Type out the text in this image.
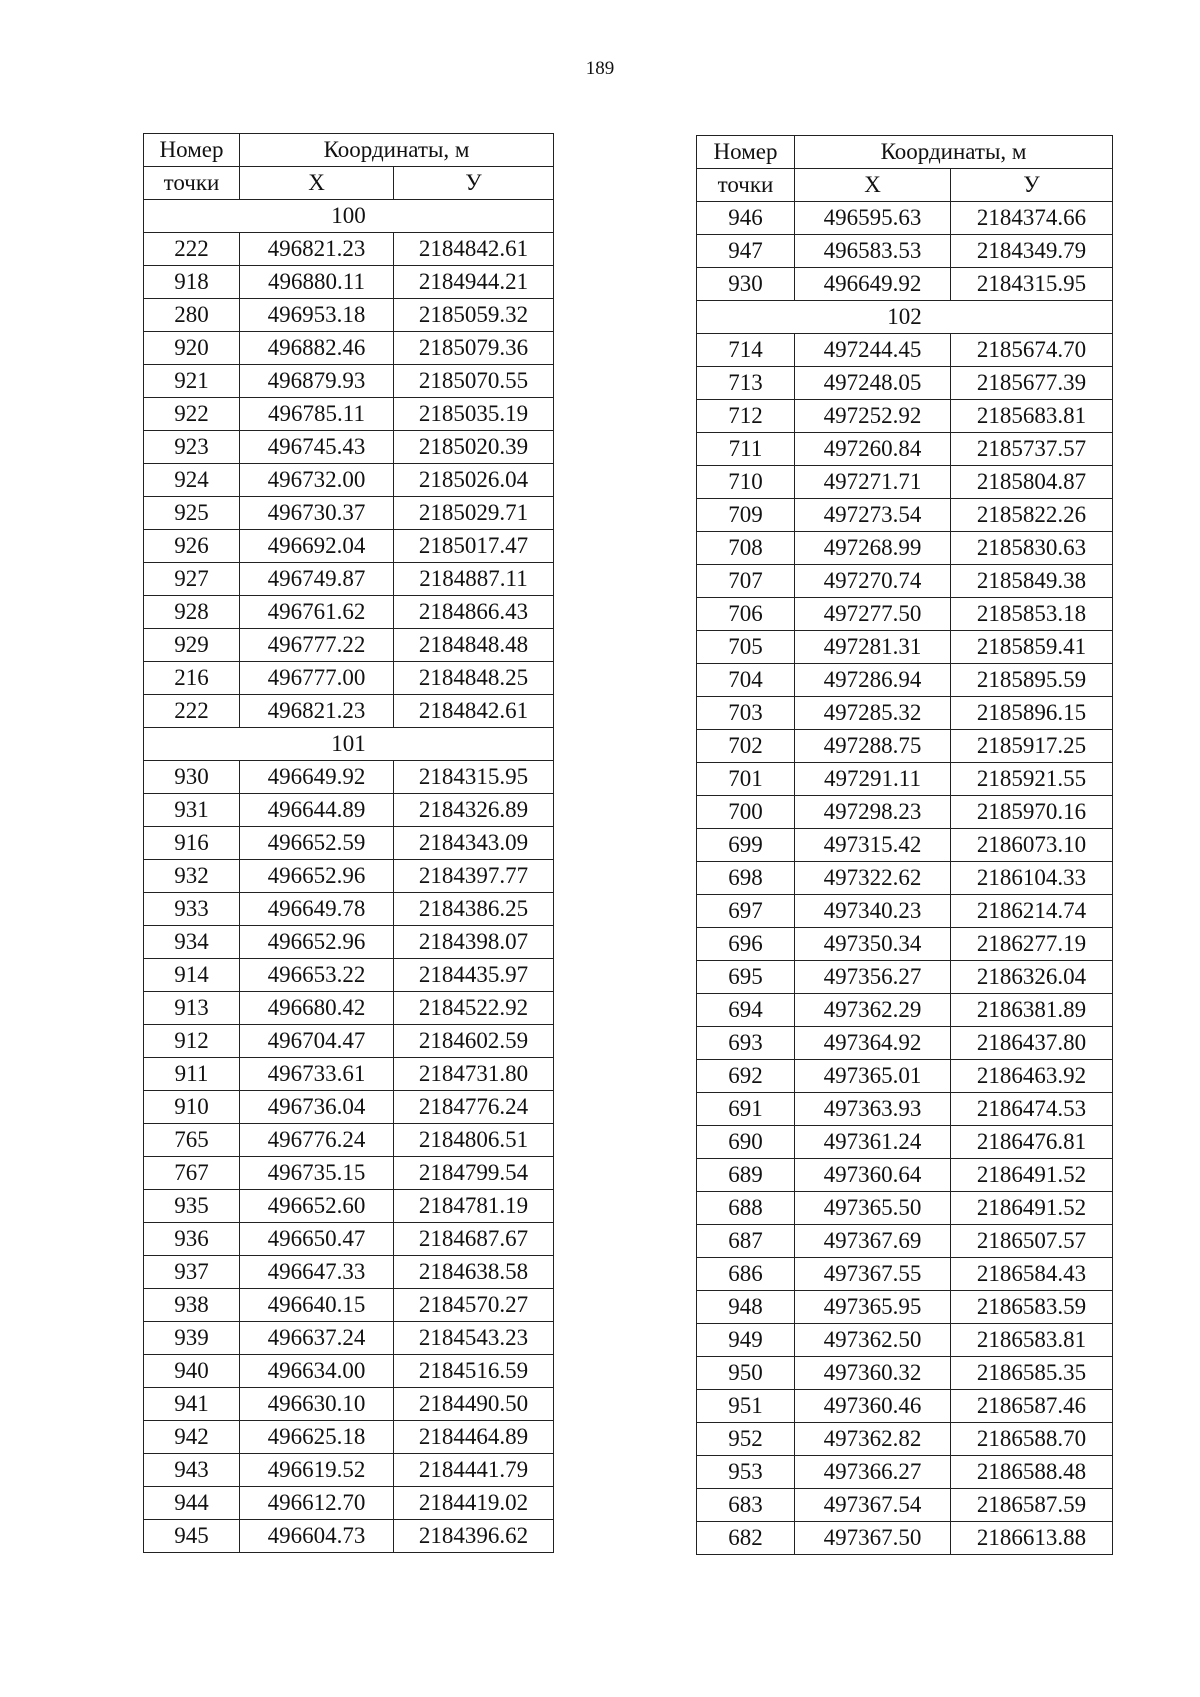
189
Номер	Координаты, м	
точки	X	У
100		
222	496821.23	2184842.61
918	496880.11	2184944.21
280	496953.18	2185059.32
920	496882.46	2185079.36
921	496879.93	2185070.55
922	496785.11	2185035.19
923	496745.43	2185020.39
924	496732.00	2185026.04
925	496730.37	2185029.71
926	496692.04	2185017.47
927	496749.87	2184887.11
928	496761.62	2184866.43
929	496777.22	2184848.48
216	496777.00	2184848.25
222	496821.23	2184842.61
101		
930	496649.92	2184315.95
931	496644.89	2184326.89
916	496652.59	2184343.09
932	496652.96	2184397.77
933	496649.78	2184386.25
934	496652.96	2184398.07
914	496653.22	2184435.97
913	496680.42	2184522.92
912	496704.47	2184602.59
911	496733.61	2184731.80
910	496736.04	2184776.24
765	496776.24	2184806.51
767	496735.15	2184799.54
935	496652.60	2184781.19
936	496650.47	2184687.67
937	496647.33	2184638.58
938	496640.15	2184570.27
939	496637.24	2184543.23
940	496634.00	2184516.59
941	496630.10	2184490.50
942	496625.18	2184464.89
943	496619.52	2184441.79
944	496612.70	2184419.02
945	496604.73	2184396.62
Номер	Координаты, м	
точки	X	У
946	496595.63	2184374.66
947	496583.53	2184349.79
930	496649.92	2184315.95
102		
714	497244.45	2185674.70
713	497248.05	2185677.39
712	497252.92	2185683.81
711	497260.84	2185737.57
710	497271.71	2185804.87
709	497273.54	2185822.26
708	497268.99	2185830.63
707	497270.74	2185849.38
706	497277.50	2185853.18
705	497281.31	2185859.41
704	497286.94	2185895.59
703	497285.32	2185896.15
702	497288.75	2185917.25
701	497291.11	2185921.55
700	497298.23	2185970.16
699	497315.42	2186073.10
698	497322.62	2186104.33
697	497340.23	2186214.74
696	497350.34	2186277.19
695	497356.27	2186326.04
694	497362.29	2186381.89
693	497364.92	2186437.80
692	497365.01	2186463.92
691	497363.93	2186474.53
690	497361.24	2186476.81
689	497360.64	2186491.52
688	497365.50	2186491.52
687	497367.69	2186507.57
686	497367.55	2186584.43
948	497365.95	2186583.59
949	497362.50	2186583.81
950	497360.32	2186585.35
951	497360.46	2186587.46
952	497362.82	2186588.70
953	497366.27	2186588.48
683	497367.54	2186587.59
682	497367.50	2186613.88
